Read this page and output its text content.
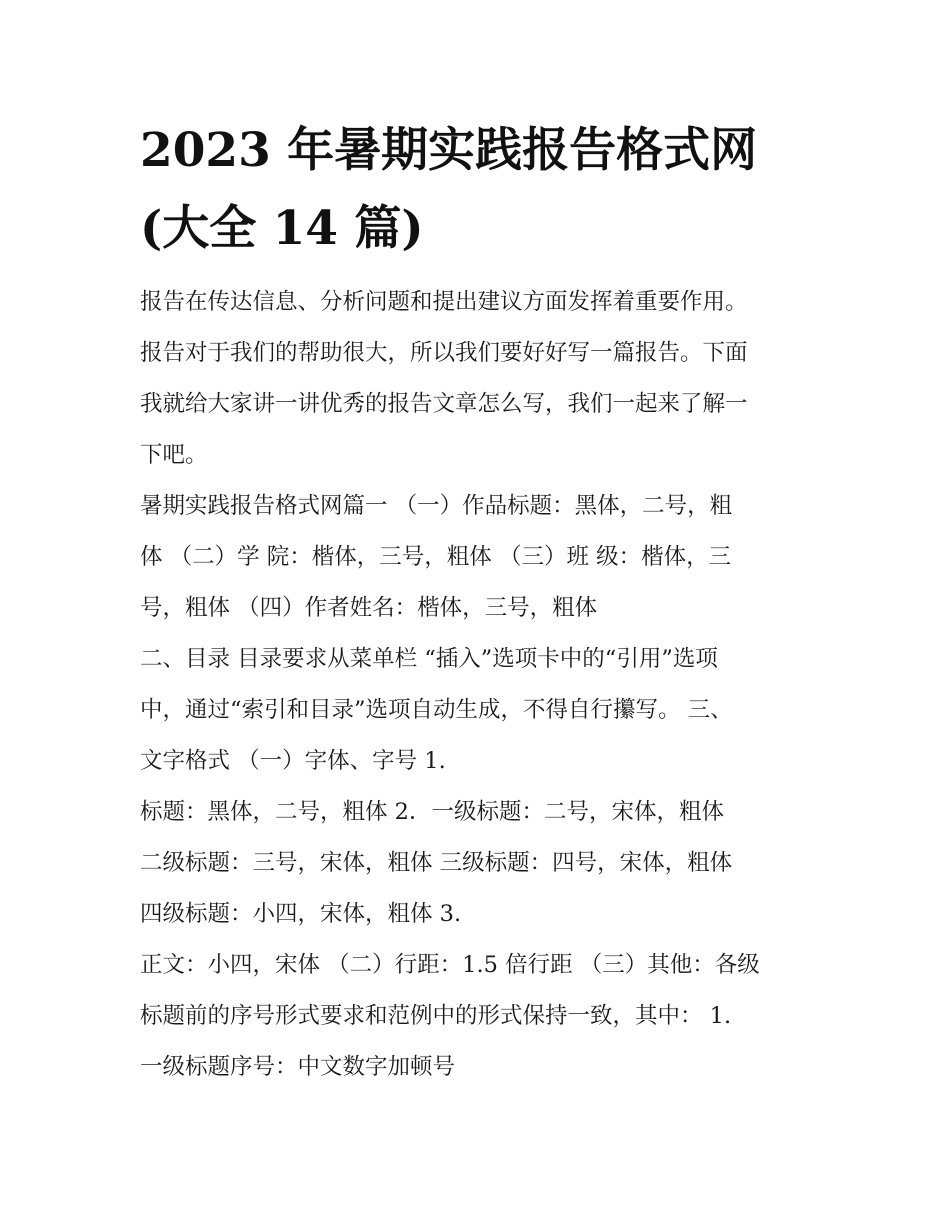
2023 年暑期实践报告格式网
(大全 14 篇)

报告在传达信息、分析问题和提出建议方面发挥着重要作用。
报告对于我们的帮助很大，所以我们要好好写一篇报告。下面
我就给大家讲一讲优秀的报告文章怎么写，我们一起来了解一
下吧。

暑期实践报告格式网篇一 （一）作品标题：黑体，二号，粗
体 （二）学 院：楷体，三号，粗体 （三）班 级：楷体，三
号，粗体 （四）作者姓名：楷体，三号，粗体

二、目录 目录要求从菜单栏 “插入”选项卡中的“引用”选项
中，通过“索引和目录”选项自动生成，不得自行攥写。 三、
文字格式 （一）字体、字号 1.

标题：黑体，二号，粗体 2．一级标题：二号，宋体，粗体
二级标题：三号，宋体，粗体 三级标题：四号，宋体，粗体
四级标题：小四，宋体，粗体 3.

正文：小四，宋体 （二）行距：1.5 倍行距 （三）其他：各级
标题前的序号形式要求和范例中的形式保持一致，其中： 1.
一级标题序号：中文数字加顿号
